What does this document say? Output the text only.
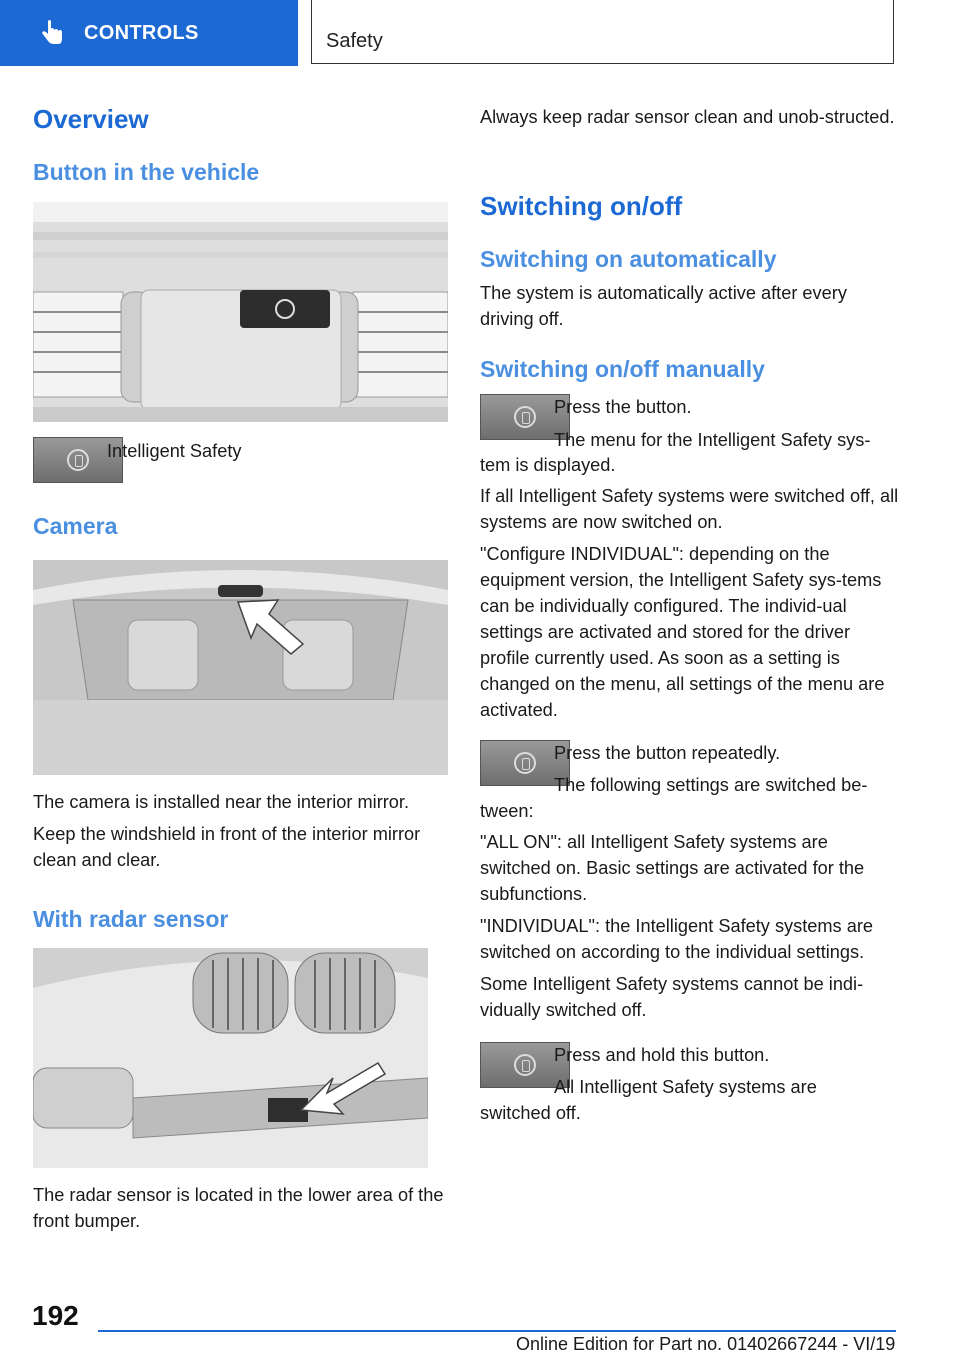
CONTROLS	Safety
Overview
Button in the vehicle
Intelligent Safety
Camera

The camera is installed near the interior mirror.

Keep the windshield in front of the interior mirror clean and clear.

With radar sensor
The radar sensor is located in the lower area of the front bumper.
Always keep radar sensor clean and unob‐structed.
Switching on/off
Switching on automatically
The system is automatically active after every driving off.
Switching on/off manually
Press the button.
The menu for the Intelligent Safety sys‐
tem is displayed.

If all Intelligent Safety systems were switched off, all systems are now switched on.

"Configure INDIVIDUAL": depending on the equipment version, the Intelligent Safety sys‐tems can be individually configured. The individ‐ual settings are activated and stored for the driver profile currently used. As soon as a setting is changed on the menu, all settings of the menu are activated.

Press the button repeatedly.
The following settings are switched be‐
tween:

"ALL ON": all Intelligent Safety systems are switched on. Basic settings are activated for the subfunctions.

"INDIVIDUAL": the Intelligent Safety systems are switched on according to the individual settings.

Some Intelligent Safety systems cannot be indi‐vidually switched off.

Press and hold this button.
All Intelligent Safety systems are
switched off.
192
Online Edition for Part no. 01402667244 - VI/19
